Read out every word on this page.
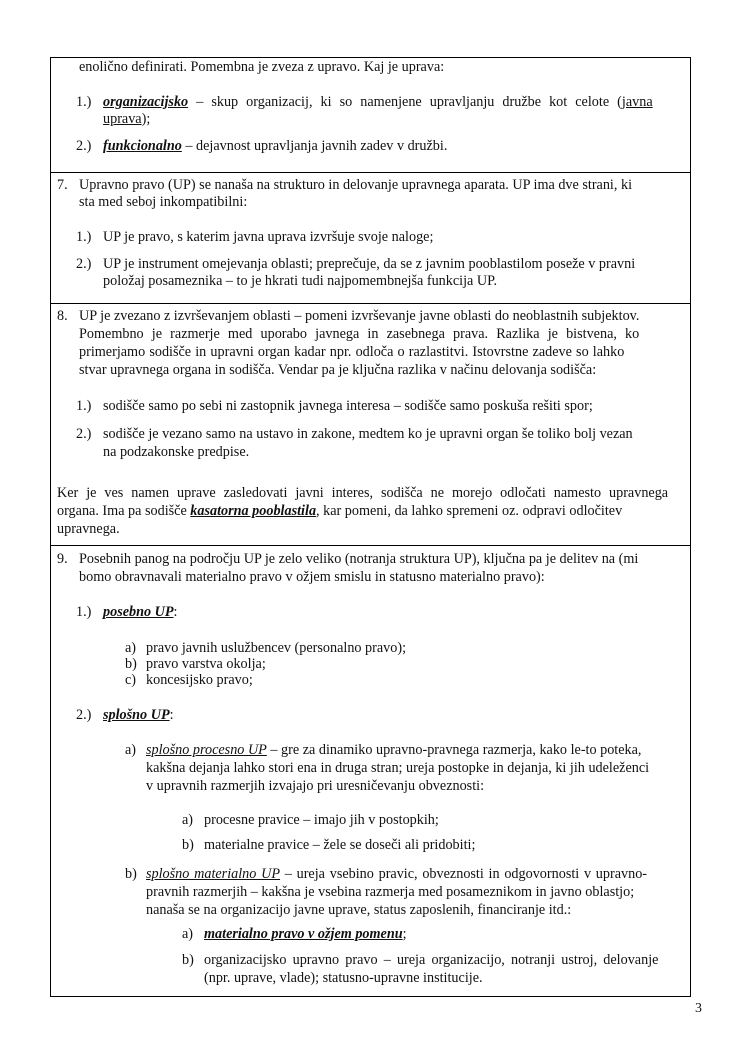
enolično definirati. Pomembna je zveza z upravo. Kaj je uprava:
1.) organizacijsko – skup organizacij, ki so namenjene upravljanju družbe kot celote (javna
uprava);
2.) funkcionalno – dejavnost upravljanja javnih zadev v družbi.
7. Upravno pravo (UP) se nanaša na strukturo in delovanje upravnega aparata. UP ima dve strani, ki
sta med seboj inkompatibilni:
1.) UP je pravo, s katerim javna uprava izvršuje svoje naloge;
2.) UP je instrument omejevanja oblasti; preprečuje, da se z javnim pooblastilom poseže v pravni
položaj posameznika – to je hkrati tudi najpomembnejša funkcija UP.
8. UP je zvezano z izvrševanjem oblasti – pomeni izvrševanje javne oblasti do neoblastnih subjektov.
Pomembno je razmerje med uporabo javnega in zasebnega prava. Razlika je bistvena, ko
primerjamo sodišče in upravni organ kadar npr. odloča o razlastitvi. Istovrstne zadeve so lahko
stvar upravnega organa in sodišča. Vendar pa je ključna razlika v načinu delovanja sodišča:
1.) sodišče samo po sebi ni zastopnik javnega interesa – sodišče samo poskuša rešiti spor;
2.) sodišče je vezano samo na ustavo in zakone, medtem ko je upravni organ še toliko bolj vezan
na podzakonske predpise.
Ker je ves namen uprave zasledovati javni interes, sodišča ne morejo odločati namesto upravnega
organa. Ima pa sodišče kasatorna pooblastila, kar pomeni, da lahko spremeni oz. odpravi odločitev
upravnega.
9. Posebnih panog na področju UP je zelo veliko (notranja struktura UP), ključna pa je delitev na (mi
bomo obravnavali materialno pravo v ožjem smislu in statusno materialno pravo):
1.) posebno UP:
a) pravo javnih uslužbencev (personalno pravo);
b) pravo varstva okolja;
c) koncesijsko pravo;
2.) splošno UP:
a) splošno procesno UP – gre za dinamiko upravno-pravnega razmerja, kako le-to poteka,
kakšna dejanja lahko stori ena in druga stran; ureja postopke in dejanja, ki jih udeleženci
v upravnih razmerjih izvajajo pri uresničevanju obveznosti:
a) procesne pravice – imajo jih v postopkih;
b) materialne pravice – žele se doseči ali pridobiti;
b) splošno materialno UP – ureja vsebino pravic, obveznosti in odgovornosti v upravno-
pravnih razmerjih – kakšna je vsebina razmerja med posameznikom in javno oblastjo;
nanaša se na organizacijo javne uprave, status zaposlenih, financiranje itd.:
a) materialno pravo v ožjem pomenu;
b) organizacijsko upravno pravo – ureja organizacijo, notranji ustroj, delovanje
(npr. uprave, vlade); statusno-upravne institucije.
3
